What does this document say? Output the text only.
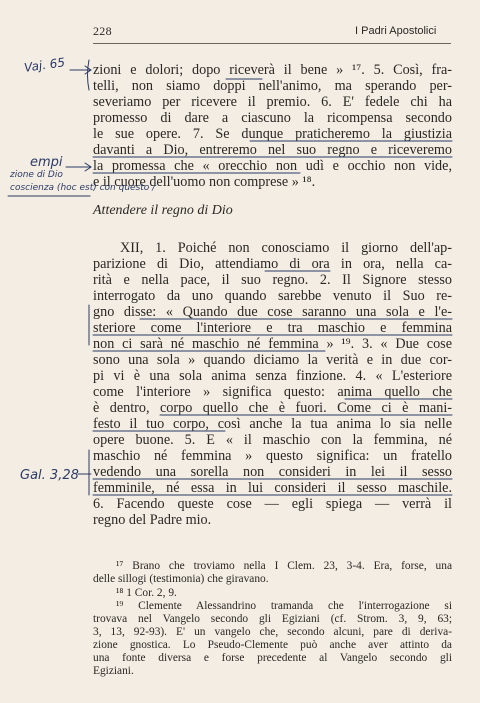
228	I Padri Apostolici
zioni e dolori; dopo riceverà il bene » ¹⁷. 5. Così, fra-
telli, non siamo doppi nell'animo, ma sperando per-
severiamo per ricevere il premio. 6. E' fedele chi ha
promesso di dare a ciascuno la ricompensa secondo
le sue opere. 7. Se dunque praticheremo la giustizia
davanti a Dio, entreremo nel suo regno e riceveremo
la promessa che « orecchio non udì e occhio non vide,
e il cuore dell'uomo non comprese » ¹⁸.
Attendere il regno di Dio
XII, 1. Poiché non conosciamo il giorno dell'ap-
parizione di Dio, attendiamo di ora in ora, nella ca-
rità e nella pace, il suo regno. 2. Il Signore stesso
interrogato da uno quando sarebbe venuto il Suo re-
gno disse: « Quando due cose saranno una sola e l'e-
steriore come l'interiore e tra maschio e femmina
non ci sarà né maschio né femmina » ¹⁹. 3. « Due cose
sono una sola » quando diciamo la verità e in due cor-
pi vi è una sola anima senza finzione. 4. « L'esteriore
come l'interiore » significa questo: anima quello che
è dentro, corpo quello che è fuori. Come ci è mani-
festo il tuo corpo, così anche la tua anima lo sia nelle
opere buone. 5. E « il maschio con la femmina, né
maschio né femmina » questo significa: un fratello
vedendo una sorella non consideri in lei il sesso
femminile, né essa in lui consideri il sesso maschile.
6. Facendo queste cose — egli spiega — verrà il
regno del Padre mio.
¹⁷ Brano che troviamo nella I Clem. 23, 3-4. Era, forse, una
delle sillogi (testimonia) che giravano.
¹⁸ 1 Cor. 2, 9.
¹⁹ Clemente Alessandrino tramanda che l'interrogazione si
trovava nel Vangelo secondo gli Egiziani (cf. Strom. 3, 9, 63;
3, 13, 92-93). E' un vangelo che, secondo alcuni, pare di deriva-
zione gnostica. Lo Pseudo-Clemente può anche aver attinto da
una fonte diversa e forse precedente al Vangelo secondo gli
Egiziani.
Vaj. 65
empi
zione di Dio
coscienza (hoc est) con questo /
Gal. 3,28
